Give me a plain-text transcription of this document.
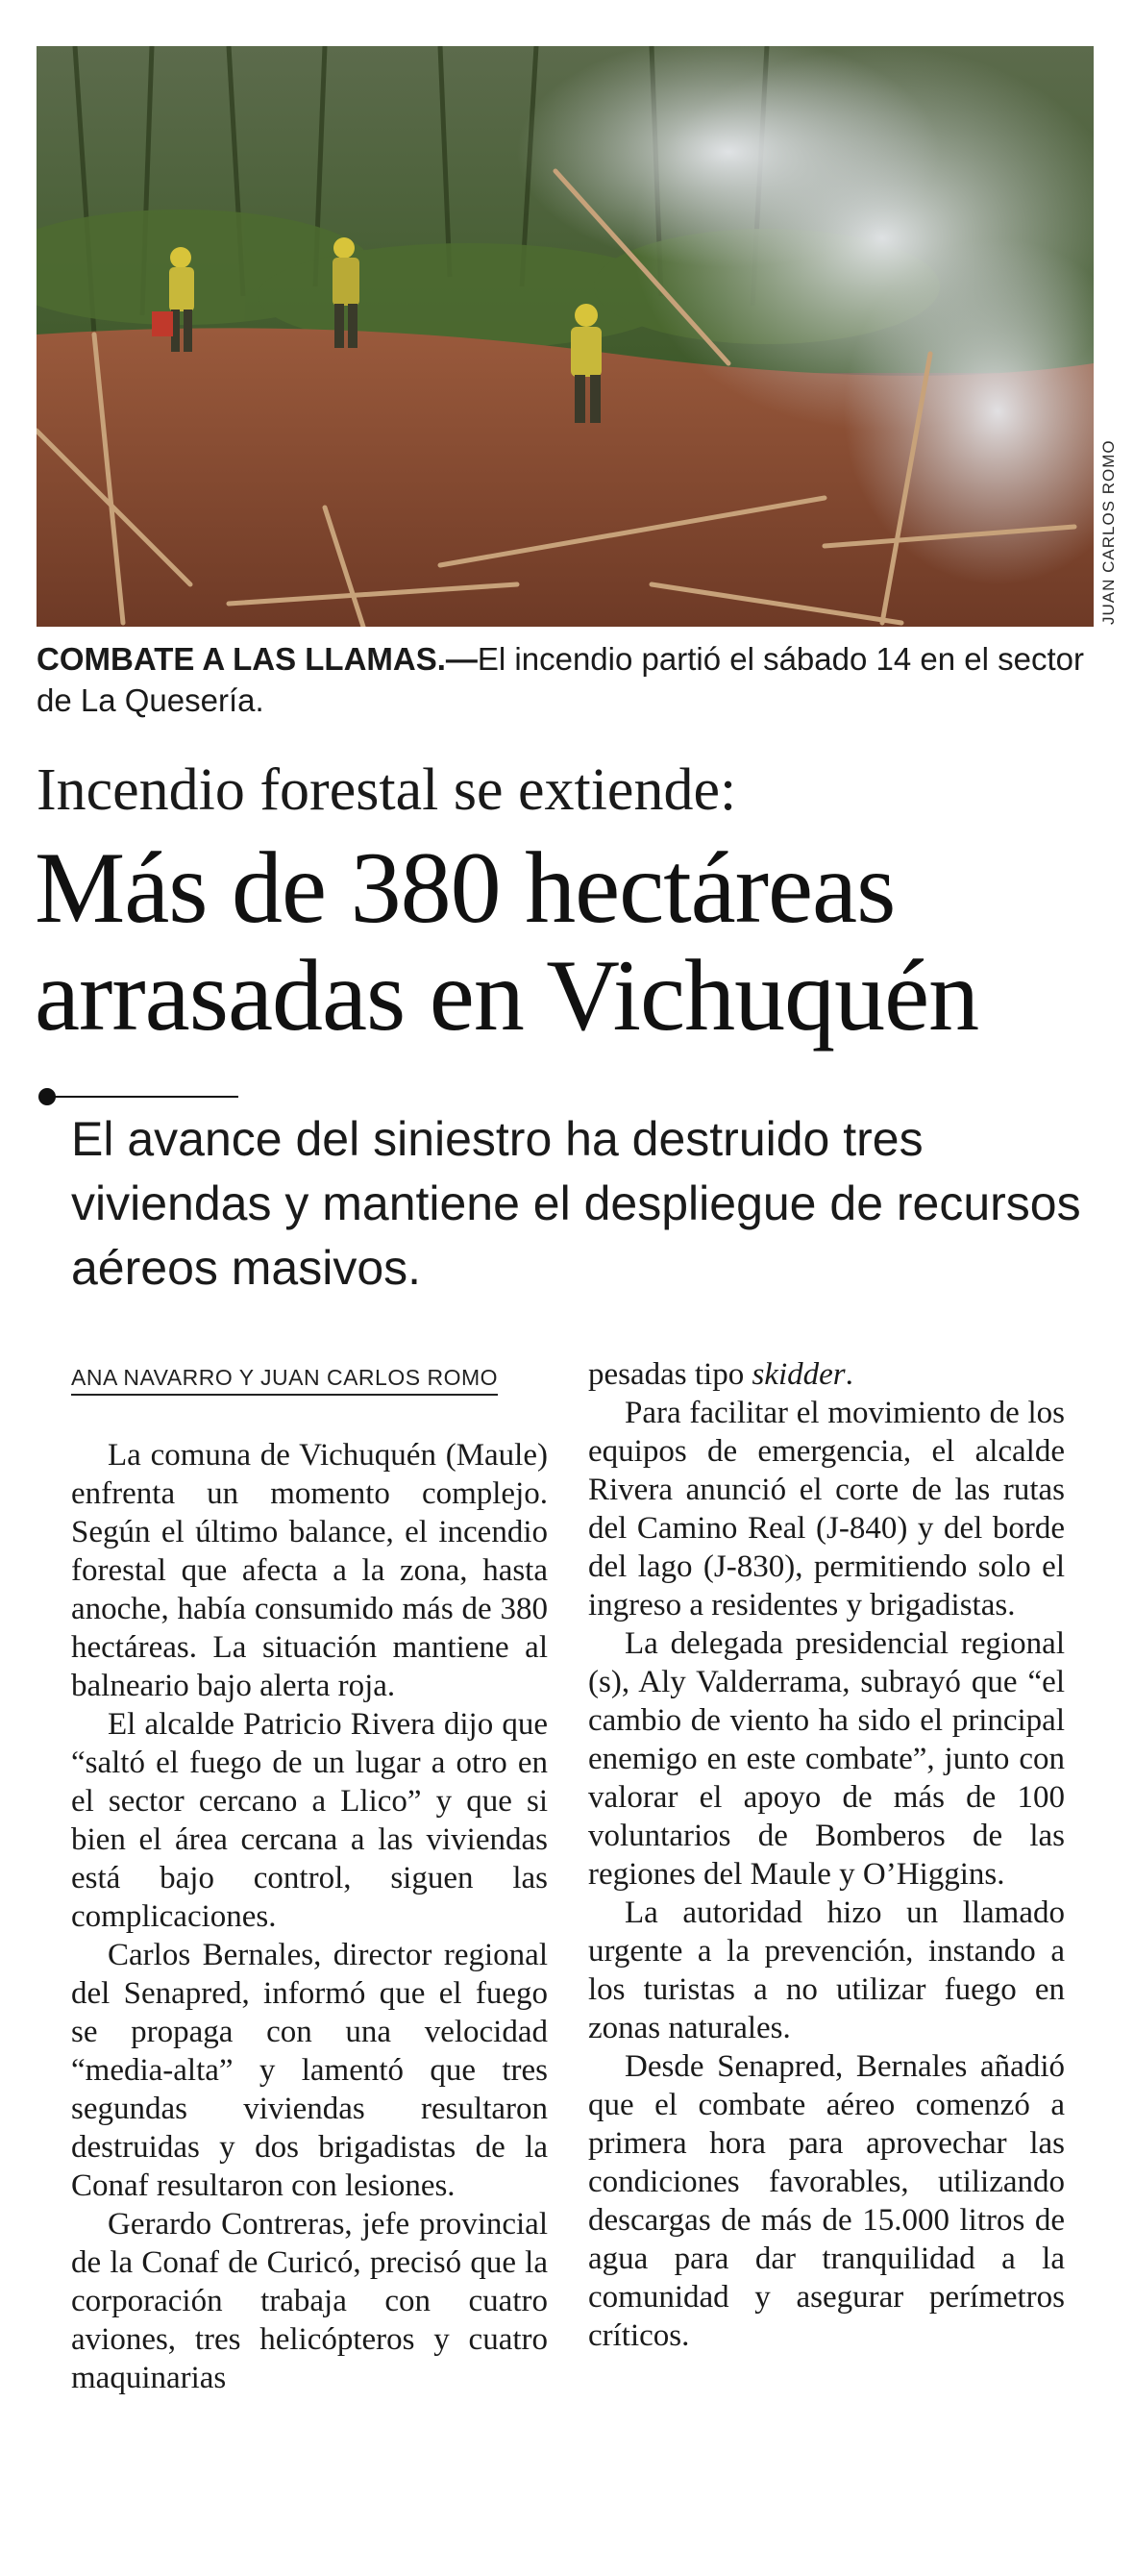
JUAN CARLOS ROMO
COMBATE A LAS LLAMAS.—El incendio partió el sábado 14 en el sector de La Quesería.
Incendio forestal se extiende:
Más de 380 hectáreas
arrasadas en Vichuquén
El avance del siniestro ha destruido tres viviendas y mantiene el despliegue de recursos aéreos masivos.
ANA NAVARRO Y JUAN CARLOS ROMO

La comuna de Vichuquén (Maule) enfrenta un momento complejo. Según el último balance, el incendio forestal que afecta a la zona, hasta anoche, había consumido más de 380 hectáreas. La situación mantiene al balneario bajo alerta roja.

El alcalde Patricio Rivera dijo que “saltó el fuego de un lugar a otro en el sector cercano a Llico” y que si bien el área cercana a las viviendas está bajo control, siguen las complicaciones.

Carlos Bernales, director regional del Senapred, informó que el fuego se propaga con una velocidad “media-alta” y lamentó que tres segundas viviendas resultaron destruidas y dos brigadistas de la Conaf resultaron con lesiones.

Gerardo Contreras, jefe provincial de la Conaf de Curicó, precisó que la corporación trabaja con cuatro aviones, tres helicópteros y cuatro maquinarias

pesadas tipo skidder.

Para facilitar el movimiento de los equipos de emergencia, el alcalde Rivera anunció el corte de las rutas del Camino Real (J-840) y del borde del lago (J-830), permitiendo solo el ingreso a residentes y brigadistas.

La delegada presidencial regional (s), Aly Valderrama, subrayó que “el cambio de viento ha sido el principal enemigo en este combate”, junto con valorar el apoyo de más de 100 voluntarios de Bomberos de las regiones del Maule y O’Higgins.

La autoridad hizo un llamado urgente a la prevención, instando a los turistas a no utilizar fuego en zonas naturales.

Desde Senapred, Bernales añadió que el combate aéreo comenzó a primera hora para aprovechar las condiciones favorables, utilizando descargas de más de 15.000 litros de agua para dar tranquilidad a la comunidad y asegurar perímetros críticos.
